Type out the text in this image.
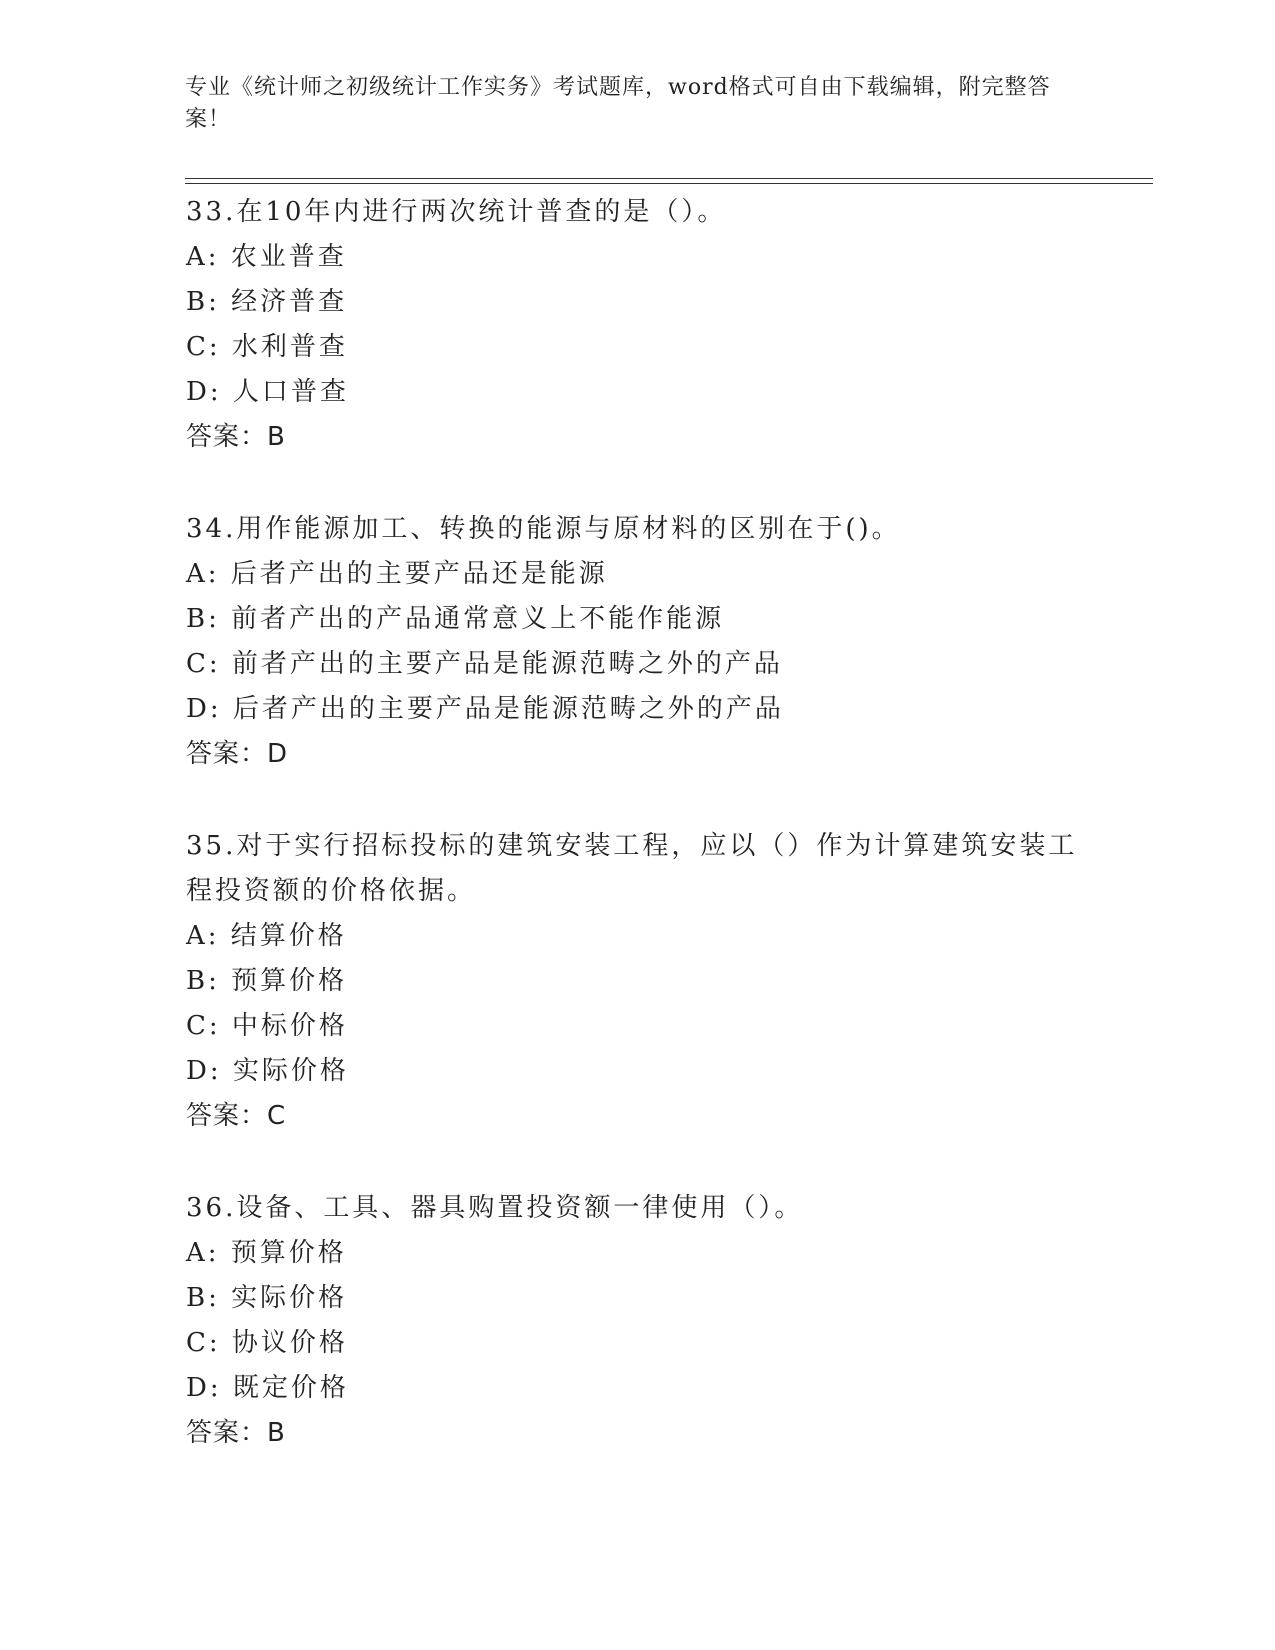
专业《统计师之初级统计工作实务》考试题库，word格式可自由下载编辑，附完整答案！

33.在10年内进行两次统计普查的是（）。

A: 农业普查

B: 经济普查

C: 水利普查

D: 人口普查

答案：B

34.用作能源加工、转换的能源与原材料的区别在于()。

A: 后者产出的主要产品还是能源

B: 前者产出的产品通常意义上不能作能源

C: 前者产出的主要产品是能源范畴之外的产品

D: 后者产出的主要产品是能源范畴之外的产品

答案：D

35.对于实行招标投标的建筑安装工程，应以（）作为计算建筑安装工程投资额的价格依据。

A: 结算价格

B: 预算价格

C: 中标价格

D: 实际价格

答案：C

36.设备、工具、器具购置投资额一律使用（）。

A: 预算价格

B: 实际价格

C: 协议价格

D: 既定价格

答案：B
